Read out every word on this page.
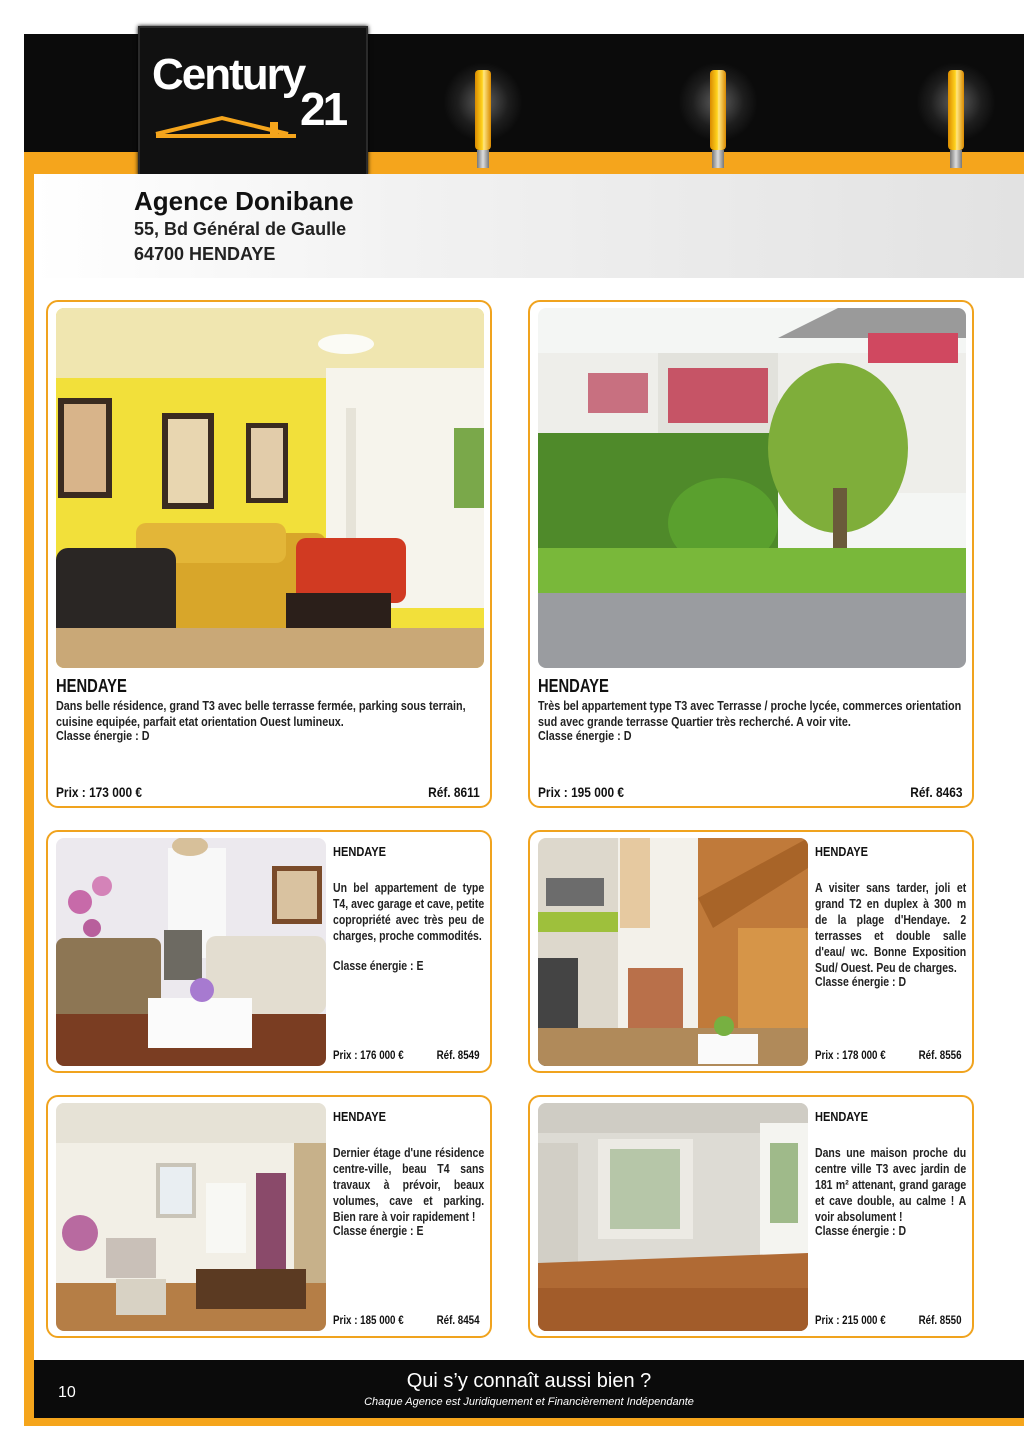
Century
21
Agence Donibane
55, Bd Général de Gaulle
64700 HENDAYE
HENDAYE
Dans belle résidence, grand T3 avec belle terrasse fermée, parking sous terrain, cuisine equipée, parfait etat orientation Ouest lumineux.
Classe énergie : D
Prix : 173 000 €	Réf. 8611
HENDAYE
Très bel appartement type T3 avec Terrasse / proche lycée, commerces orientation sud avec grande terrasse Quartier très recherché. A voir vite.
Classe énergie : D
Prix : 195 000 €	Réf. 8463
HENDAYE
Un bel appartement de type T4, avec garage et cave, petite copropriété avec très peu de charges, proche commodités.
Classe énergie : E
Prix : 176 000 €	Réf. 8549
HENDAYE
A visiter sans tarder, joli et grand T2 en duplex à 300 m de la plage d'Hendaye. 2 terrasses et double salle d'eau/ wc. Bonne Exposition Sud/ Ouest. Peu de charges.
Classe énergie : D
Prix : 178 000 €	Réf. 8556
HENDAYE
Dernier étage d'une résidence centre-ville, beau T4 sans travaux à prévoir, beaux volumes, cave et parking. Bien rare à voir rapidement !
Classe énergie : E
Prix : 185 000 €	Réf. 8454
HENDAYE
Dans une maison proche du centre ville T3 avec jardin de 181 m² attenant, grand garage et cave double, au calme ! A voir absolument !
Classe énergie : D
Prix : 215 000 €	Réf. 8550
10
Qui s’y connaît aussi bien ?
Chaque Agence est Juridiquement et Financièrement Indépendante
